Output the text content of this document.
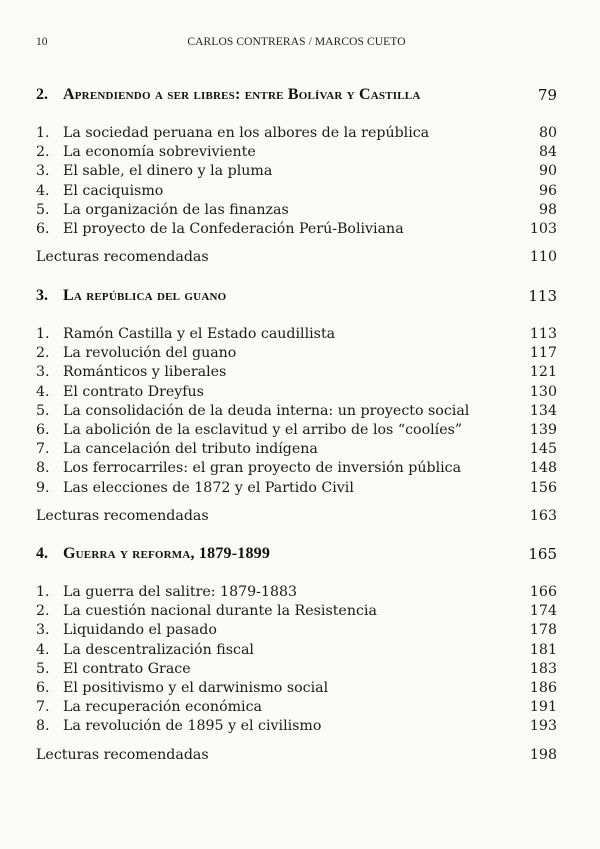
10	CARLOS CONTRERAS / MARCOS CUETO
2. Aprendiendo a ser libres: entre Bolívar y Castilla	79
1. La sociedad peruana en los albores de la república	80
2. La economía sobreviviente	84
3. El sable, el dinero y la pluma	90
4. El caciquismo	96
5. La organización de las finanzas	98
6. El proyecto de la Confederación Perú-Boliviana	103
Lecturas recomendadas	110
3. La república del guano	113
1. Ramón Castilla y el Estado caudillista	113
2. La revolución del guano	117
3. Románticos y liberales	121
4. El contrato Dreyfus	130
5. La consolidación de la deuda interna: un proyecto social	134
6. La abolición de la esclavitud y el arribo de los “coolíes”	139
7. La cancelación del tributo indígena	145
8. Los ferrocarriles: el gran proyecto de inversión pública	148
9. Las elecciones de 1872 y el Partido Civil	156
Lecturas recomendadas	163
4. Guerra y reforma, 1879-1899	165
1. La guerra del salitre: 1879-1883	166
2. La cuestión nacional durante la Resistencia	174
3. Liquidando el pasado	178
4. La descentralización fiscal	181
5. El contrato Grace	183
6. El positivismo y el darwinismo social	186
7. La recuperación económica	191
8. La revolución de 1895 y el civilismo	193
Lecturas recomendadas	198
